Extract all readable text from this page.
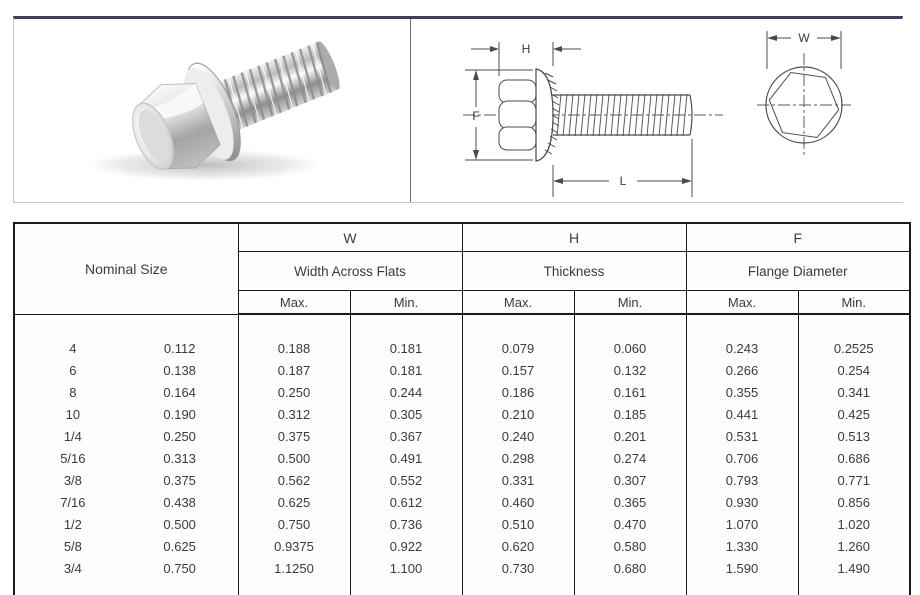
H
F
L
W
Nominal Size	W		H		F	
	Width Across Flats		Thickness		Flange Diameter	
	Max.	Min.	Max.	Min.	Max.	Min.

4 0.112	0.188	0.181	0.079	0.060	0.243	0.2525
6 0.138	0.187	0.181	0.157	0.132	0.266	0.254
8 0.164	0.250	0.244	0.186	0.161	0.355	0.341
10 0.190	0.312	0.305	0.210	0.185	0.441	0.425
1/4 0.250	0.375	0.367	0.240	0.201	0.531	0.513
5/16 0.313	0.500	0.491	0.298	0.274	0.706	0.686
3/8 0.375	0.562	0.552	0.331	0.307	0.793	0.771
7/16 0.438	0.625	0.612	0.460	0.365	0.930	0.856
1/2 0.500	0.750	0.736	0.510	0.470	1.070	1.020
5/8 0.625	0.9375	0.922	0.620	0.580	1.330	1.260
3/4 0.750	1.1250	1.100	0.730	0.680	1.590	1.490
